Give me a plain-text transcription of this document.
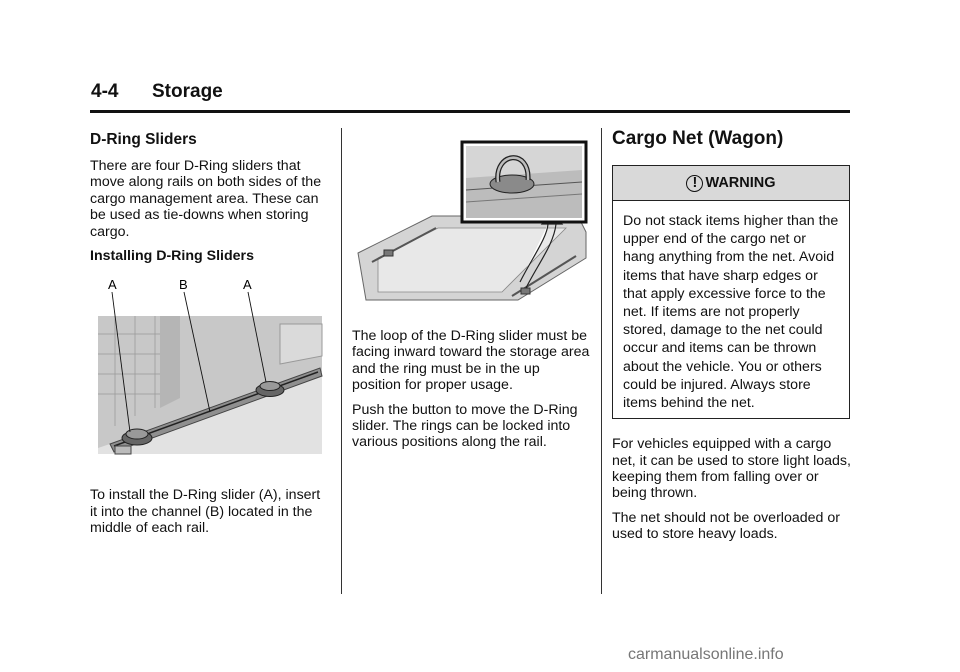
4-4 Storage
D-Ring Sliders

There are four D-Ring sliders that move along rails on both sides of the cargo management area. These can be used as tie-downs when storing cargo.

Installing D-Ring Sliders

A	B	A

To install the D-Ring slider (A), insert it into the channel (B) located in the middle of each rail.

The loop of the D-Ring slider must be facing inward toward the storage area and the ring must be in the up position for proper usage.

Push the button to move the D-Ring slider. The rings can be locked into various positions along the rail.

Cargo Net (Wagon)
! WARNING
Do not stack items higher than the upper end of the cargo net or hang anything from the net. Avoid items that have sharp edges or that apply excessive force to the net. If items are not properly stored, damage to the net could occur and items can be thrown about the vehicle. You or others could be injured. Always store items behind the net.

For vehicles equipped with a cargo net, it can be used to store light loads, keeping them from falling over or being thrown.

The net should not be overloaded or used to store heavy loads.

carmanualsonline.info
